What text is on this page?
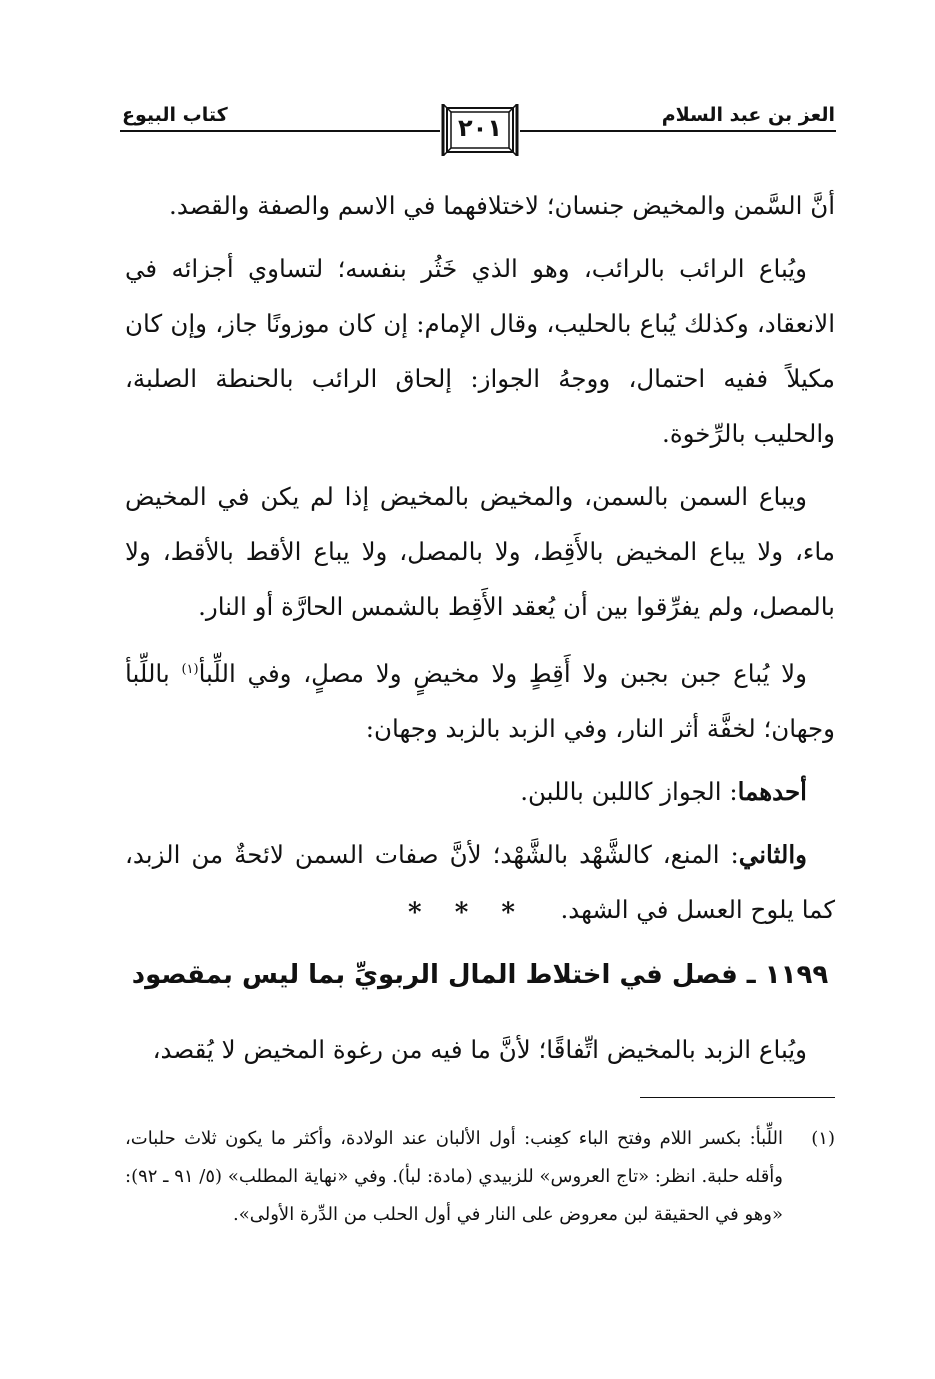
العز بن عبد السلام
٢٠١
كتاب البيوع

أنَّ السَّمن والمخيض جنسان؛ لاختلافهما في الاسم والصفة والقصد.

ويُباع الرائب بالرائب، وهو الذي خَثُر بنفسه؛ لتساوي أجزائه في الانعقاد، وكذلك يُباع بالحليب، وقال الإمام: إن كان موزونًا جاز، وإن كان مكيلاً ففيه احتمال، ووجهُ الجواز: إلحاق الرائب بالحنطة الصلبة، والحليب بالرِّخوة.

ويباع السمن بالسمن، والمخيض بالمخيض إذا لم يكن في المخيض ماء، ولا يباع المخيض بالأَقِط، ولا بالمصل، ولا يباع الأقط بالأقط، ولا بالمصل، ولم يفرِّقوا بين أن يُعقد الأَقِط بالشمس الحارَّة أو النار.

ولا يُباع جبن بجبن ولا أَقِطٍ ولا مخيضٍ ولا مصلٍ، وفي اللِّبأ$^{(١)}$ باللِّبأ وجهان؛ لخفَّة أثر النار، وفي الزبد بالزبد وجهان:

أحدهما: الجواز كاللبن باللبن.

والثاني: المنع، كالشَّهْد بالشَّهْد؛ لأنَّ صفات السمن لائحةٌ من الزبد، كما يلوح العسل في الشهد.

* * *
١١٩٩ ـ فصل في اختلاط المال الربويِّ بما ليس بمقصود
ويُباع الزبد بالمخيض اتِّفاقًا؛ لأنَّ ما فيه من رغوة المخيض لا يُقصد،
(١)
اللِّبأ: بكسر اللام وفتح الباء كعِنب: أول الألبان عند الولادة، وأكثر ما يكون ثلاث حلبات، وأقله حلبة. انظر: «تاج العروس» للزبيدي (مادة: لبأ). وفي «نهاية المطلب» (٥/ ٩١ ـ ٩٢): «وهو في الحقيقة لبن معروض على النار في أول الحلب من الدِّرة الأولى».
